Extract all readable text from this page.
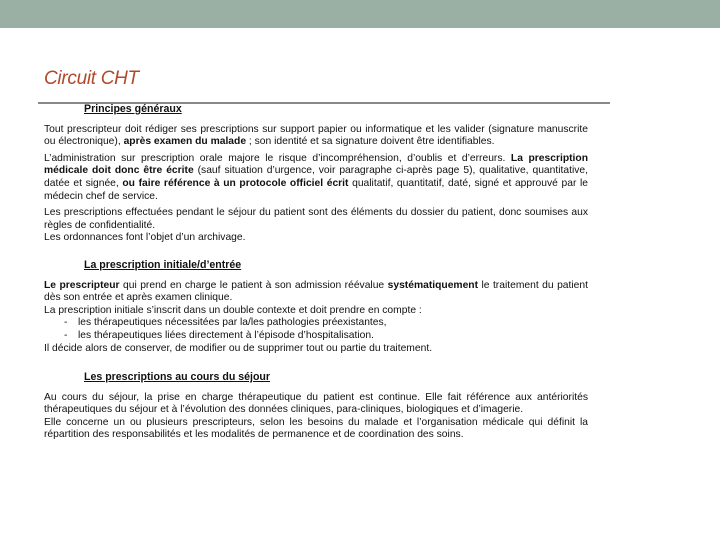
Circuit CHT
Principes généraux
Tout prescripteur doit rédiger ses prescriptions sur support papier ou informatique et les valider (signature manuscrite ou électronique), après examen du malade ; son identité et sa signature doivent être identifiables.
L’administration sur prescription orale majore le risque d’incompréhension, d’oublis et d’erreurs. La prescription médicale doit donc être écrite (sauf situation d’urgence, voir paragraphe ci-après page 5), qualitative, quantitative, datée et signée, ou faire référence à un protocole officiel écrit qualitatif, quantitatif, daté, signé et approuvé par le médecin chef de service.
Les prescriptions effectuées pendant le séjour du patient sont des éléments du dossier du patient, donc soumises aux règles de confidentialité.
Les ordonnances font l’objet d’un archivage.
La prescription initiale/d’entrée
Le prescripteur qui prend en charge le patient à son admission réévalue systématiquement le traitement du patient dès son entrée et après examen clinique.
La prescription initiale s’inscrit dans un double contexte et doit prendre en compte :
- les thérapeutiques nécessitées par la/les pathologies préexistantes,
- les thérapeutiques liées directement à l’épisode d’hospitalisation.
Il décide alors de conserver, de modifier ou de supprimer tout ou partie du traitement.
Les prescriptions au cours du séjour
Au cours du séjour, la prise en charge thérapeutique du patient est continue. Elle fait référence aux antériorités thérapeutiques du séjour et à l’évolution des données cliniques, para-cliniques, biologiques et d’imagerie.
Elle concerne un ou plusieurs prescripteurs, selon les besoins du malade et l’organisation médicale qui définit la répartition des responsabilités et les modalités de permanence et de coordination des soins.
